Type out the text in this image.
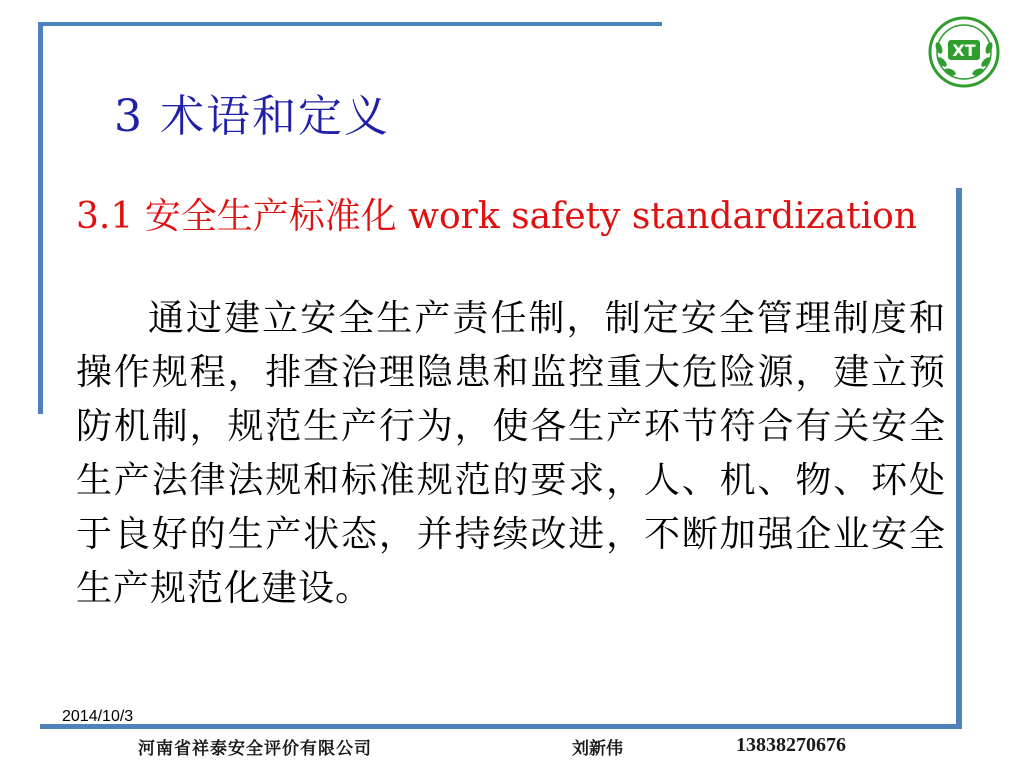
XT
3 术语和定义
3.1 安全生产标准化 work safety standardization
通过建立安全生产责任制，制定安全管理制度和操作规程，排查治理隐患和监控重大危险源，建立预防机制，规范生产行为，使各生产环节符合有关安全生产法律法规和标准规范的要求，人、机、物、环处于良好的生产状态，并持续改进，不断加强企业安全生产规范化建设。
2014/10/3
河南省祥泰安全评价有限公司	刘新伟	13838270676
